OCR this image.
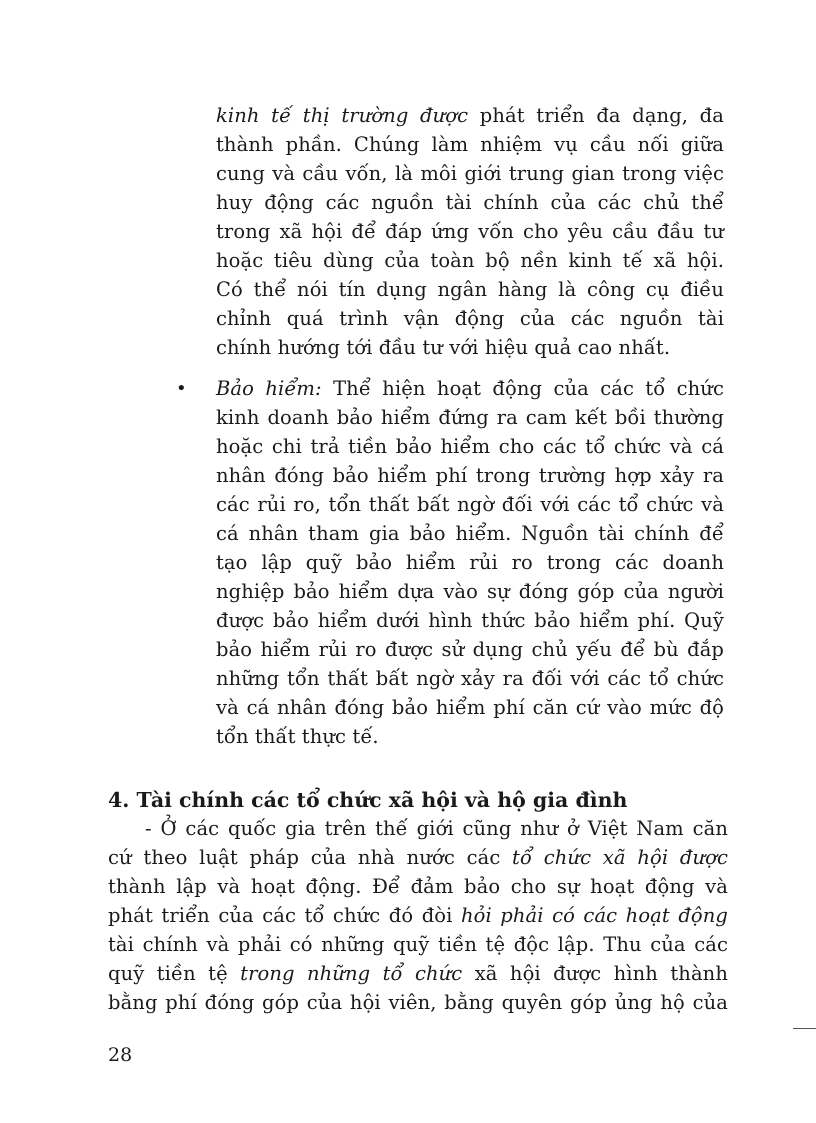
kinh tế thị trường được phát triển đa dạng, đa

thành phần. Chúng làm nhiệm vụ cầu nối giữa

cung và cầu vốn, là môi giới trung gian trong việc

huy động các nguồn tài chính của các chủ thể

trong xã hội để đáp ứng vốn cho yêu cầu đầu tư

hoặc tiêu dùng của toàn bộ nền kinh tế xã hội.

Có thể nói tín dụng ngân hàng là công cụ điều

chỉnh quá trình vận động của các nguồn tài

chính hướng tới đầu tư với hiệu quả cao nhất.

• Bảo hiểm: Thể hiện hoạt động của các tổ chức

kinh doanh bảo hiểm đứng ra cam kết bồi thường

hoặc chi trả tiền bảo hiểm cho các tổ chức và cá

nhân đóng bảo hiểm phí trong trường hợp xảy ra

các rủi ro, tổn thất bất ngờ đối với các tổ chức và

cá nhân tham gia bảo hiểm. Nguồn tài chính để

tạo lập quỹ bảo hiểm rủi ro trong các doanh

nghiệp bảo hiểm dựa vào sự đóng góp của người

được bảo hiểm dưới hình thức bảo hiểm phí. Quỹ

bảo hiểm rủi ro được sử dụng chủ yếu để bù đắp

những tổn thất bất ngờ xảy ra đối với các tổ chức

và cá nhân đóng bảo hiểm phí căn cứ vào mức độ

tổn thất thực tế.

4. Tài chính các tổ chức xã hội và hộ gia đình

- Ở các quốc gia trên thế giới cũng như ở Việt Nam căn

cứ theo luật pháp của nhà nước các tổ chức xã hội được

thành lập và hoạt động. Để đảm bảo cho sự hoạt động và

phát triển của các tổ chức đó đòi hỏi phải có các hoạt động

tài chính và phải có những quỹ tiền tệ độc lập. Thu của các

quỹ tiền tệ trong những tổ chức xã hội được hình thành

bằng phí đóng góp của hội viên, bằng quyên góp ủng hộ của

28
